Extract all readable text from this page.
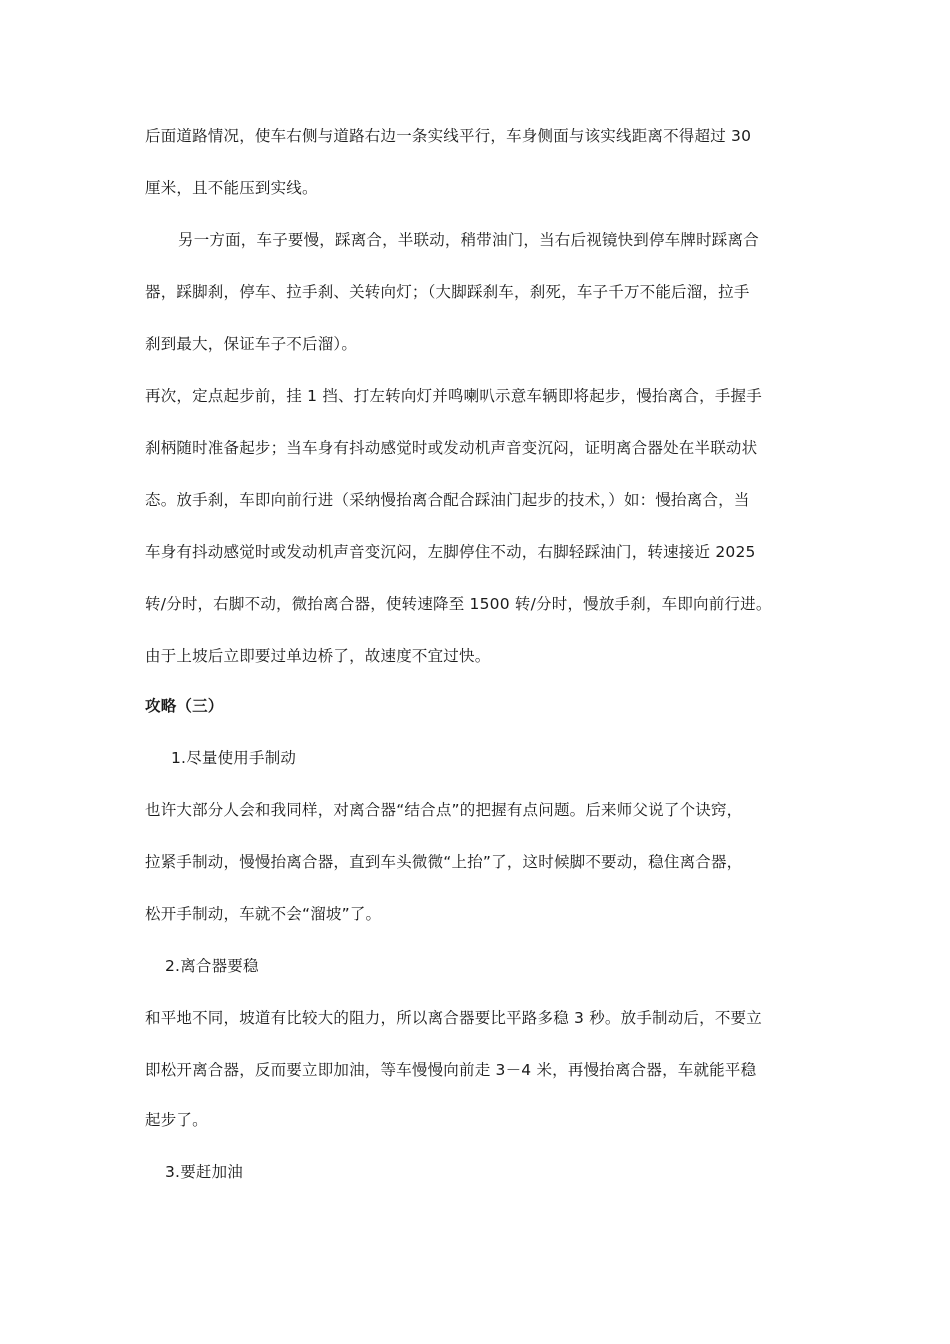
后面道路情况，使车右侧与道路右边一条实线平行，车身侧面与该实线距离不得超过 30
厘米，且不能压到实线。
另一方面，车子要慢，踩离合，半联动，稍带油门，当右后视镜快到停车牌时踩离合
器，踩脚刹，停车、拉手刹、关转向灯；（大脚踩刹车，刹死，车子千万不能后溜，拉手
刹到最大，保证车子不后溜）。
再次，定点起步前，挂 1 挡、打左转向灯并鸣喇叭示意车辆即将起步，慢抬离合，手握手
刹柄随时准备起步；当车身有抖动感觉时或发动机声音变沉闷，证明离合器处在半联动状
态。放手刹，车即向前行进（采纳慢抬离合配合踩油门起步的技术，）如：慢抬离合，当
车身有抖动感觉时或发动机声音变沉闷，左脚停住不动，右脚轻踩油门，转速接近 2025
转/分时，右脚不动，微抬离合器，使转速降至 1500 转/分时，慢放手刹，车即向前行进。
由于上坡后立即要过单边桥了，故速度不宜过快。
攻略（三）
1.尽量使用手制动
也许大部分人会和我同样，对离合器“结合点”的把握有点问题。后来师父说了个诀窍，
拉紧手制动，慢慢抬离合器，直到车头微微“上抬”了，这时候脚不要动，稳住离合器，
松开手制动，车就不会“溜坡”了。
2.离合器要稳
和平地不同，坡道有比较大的阻力，所以离合器要比平路多稳 3 秒。放手制动后，不要立
即松开离合器，反而要立即加油，等车慢慢向前走 3－4 米，再慢抬离合器，车就能平稳
起步了。
3.要赶加油
